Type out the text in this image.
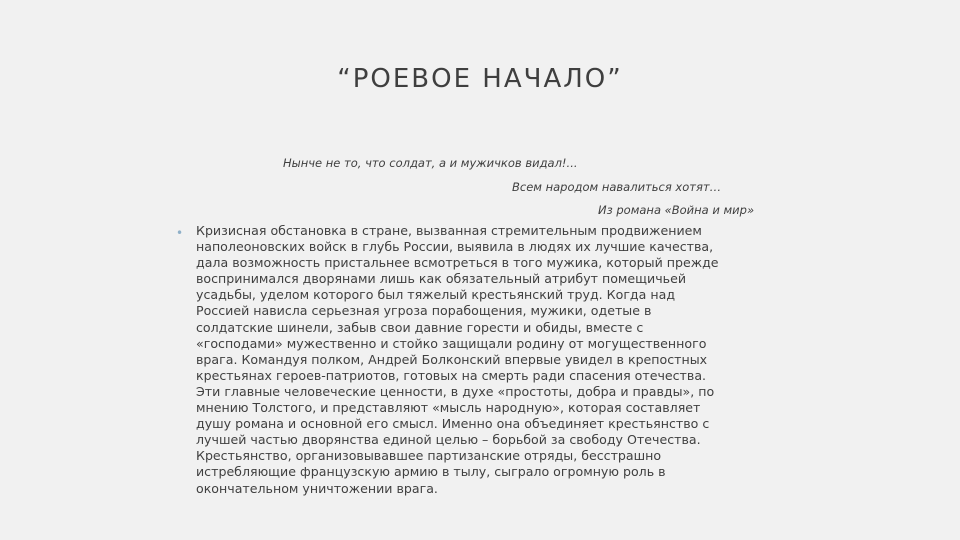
“РОЕВОЕ НАЧАЛО”
Нынче не то, что солдат, а и мужичков видал!...
Всем народом навалиться хотят…
Из романа «Война и мир»
• Кризисная обстановка в стране, вызванная стремительным продвижением
наполеоновских войск в глубь России, выявила в людях их лучшие качества,
дала возможность пристальнее всмотреться в того мужика, который прежде
воспринимался дворянами лишь как обязательный атрибут помещичьей
усадьбы, уделом которого был тяжелый крестьянский труд. Когда над
Россией нависла серьезная угроза порабощения, мужики, одетые в
солдатские шинели, забыв свои давние горести и обиды, вместе с
«господами» мужественно и стойко защищали родину от могущественного
врага. Командуя полком, Андрей Болконский впервые увидел в крепостных
крестьянах героев-патриотов, готовых на смерть ради спасения отечества.
Эти главные человеческие ценности, в духе «простоты, добра и правды», по
мнению Толстого, и представляют «мысль народную», которая составляет
душу романа и основной его смысл. Именно она объединяет крестьянство с
лучшей частью дворянства единой целью – борьбой за свободу Отечества.
Крестьянство, организовывавшее партизанские отряды, бесстрашно
истребляющие французскую армию в тылу, сыграло огромную роль в
окончательном уничтожении врага.
